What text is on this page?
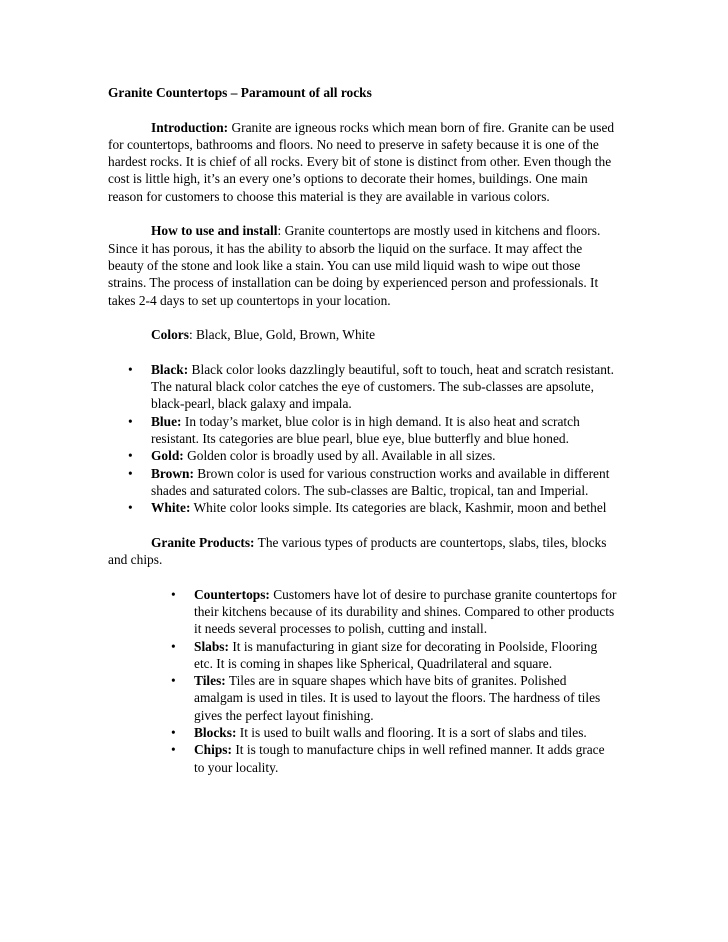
Granite Countertops – Paramount of all rocks

Introduction: Granite are igneous rocks which mean born of fire. Granite can be used for countertops, bathrooms and floors. No need to preserve in safety because it is one of the hardest rocks. It is chief of all rocks. Every bit of stone is distinct from other. Even though the cost is little high, it’s an every one’s options to decorate their homes, buildings. One main reason for customers to choose this material is they are available in various colors.

How to use and install: Granite countertops are mostly used in kitchens and floors. Since it has porous, it has the ability to absorb the liquid on the surface. It may affect the beauty of the stone and look like a stain. You can use mild liquid wash to wipe out those strains. The process of installation can be doing by experienced person and professionals. It takes 2-4 days to set up countertops in your location.

Colors: Black, Blue, Gold, Brown, White

• Black: Black color looks dazzlingly beautiful, soft to touch, heat and scratch resistant. The natural black color catches the eye of customers. The sub-classes are apsolute, black-pearl, black galaxy and impala.
• Blue: In today’s market, blue color is in high demand. It is also heat and scratch resistant. Its categories are blue pearl, blue eye, blue butterfly and blue honed.
• Gold: Golden color is broadly used by all. Available in all sizes.
• Brown: Brown color is used for various construction works and available in different shades and saturated colors. The sub-classes are Baltic, tropical, tan and Imperial.
• White: White color looks simple. Its categories are black, Kashmir, moon and bethel

Granite Products: The various types of products are countertops, slabs, tiles, blocks and chips.

• Countertops: Customers have lot of desire to purchase granite countertops for their kitchens because of its durability and shines. Compared to other products it needs several processes to polish, cutting and install.
• Slabs: It is manufacturing in giant size for decorating in Poolside, Flooring etc. It is coming in shapes like Spherical, Quadrilateral and square.
• Tiles: Tiles are in square shapes which have bits of granites. Polished amalgam is used in tiles. It is used to layout the floors. The hardness of tiles gives the perfect layout finishing.
• Blocks: It is used to built walls and flooring. It is a sort of slabs and tiles.
• Chips: It is tough to manufacture chips in well refined manner. It adds grace to your locality.
